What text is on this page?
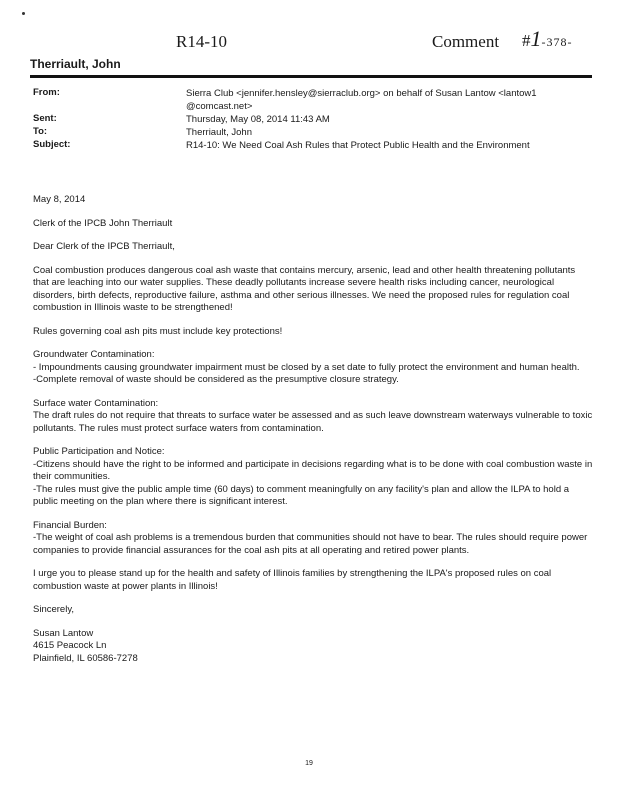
R14-10	Comment #1-378-
Therriault, John
From:	Sierra Club <jennifer.hensley@sierraclub.org> on behalf of Susan Lantow <lantow1 @comcast.net>
Sent:	Thursday, May 08, 2014 11:43 AM
To:	Therriault, John
Subject:	R14-10: We Need Coal Ash Rules that Protect Public Health and the Environment

May 8, 2014

Clerk of the IPCB John Therriault

Dear Clerk of the IPCB Therriault,

Coal combustion produces dangerous coal ash waste that contains mercury, arsenic, lead and other health threatening pollutants that are leaching into our water supplies. These deadly pollutants increase severe health risks including cancer, neurological disorders, birth defects, reproductive failure, asthma and other serious illnesses. We need the proposed rules for regulation coal combustion in Illinois waste to be strengthened!

Rules governing coal ash pits must include key protections!

Groundwater Contamination:
- Impoundments causing groundwater impairment must be closed by a set date to fully protect the environment and human health.
-Complete removal of waste should be considered as the presumptive closure strategy.

Surface water Contamination:
The draft rules do not require that threats to surface water be assessed and as such leave downstream waterways vulnerable to toxic pollutants. The rules must protect surface waters from contamination.

Public Participation and Notice:
-Citizens should have the right to be informed and participate in decisions regarding what is to be done with coal combustion waste in their communities.
-The rules must give the public ample time (60 days) to comment meaningfully on any facility's plan and allow the ILPA to hold a public meeting on the plan where there is significant interest.

Financial Burden:
-The weight of coal ash problems is a tremendous burden that communities should not have to bear. The rules should require power companies to provide financial assurances for the coal ash pits at all operating and retired power plants.

I urge you to please stand up for the health and safety of Illinois families by strengthening the ILPA's proposed rules on coal combustion waste at power plants in Illinois!

Sincerely,

Susan Lantow
4615 Peacock Ln
Plainfield, IL 60586-7278

19
